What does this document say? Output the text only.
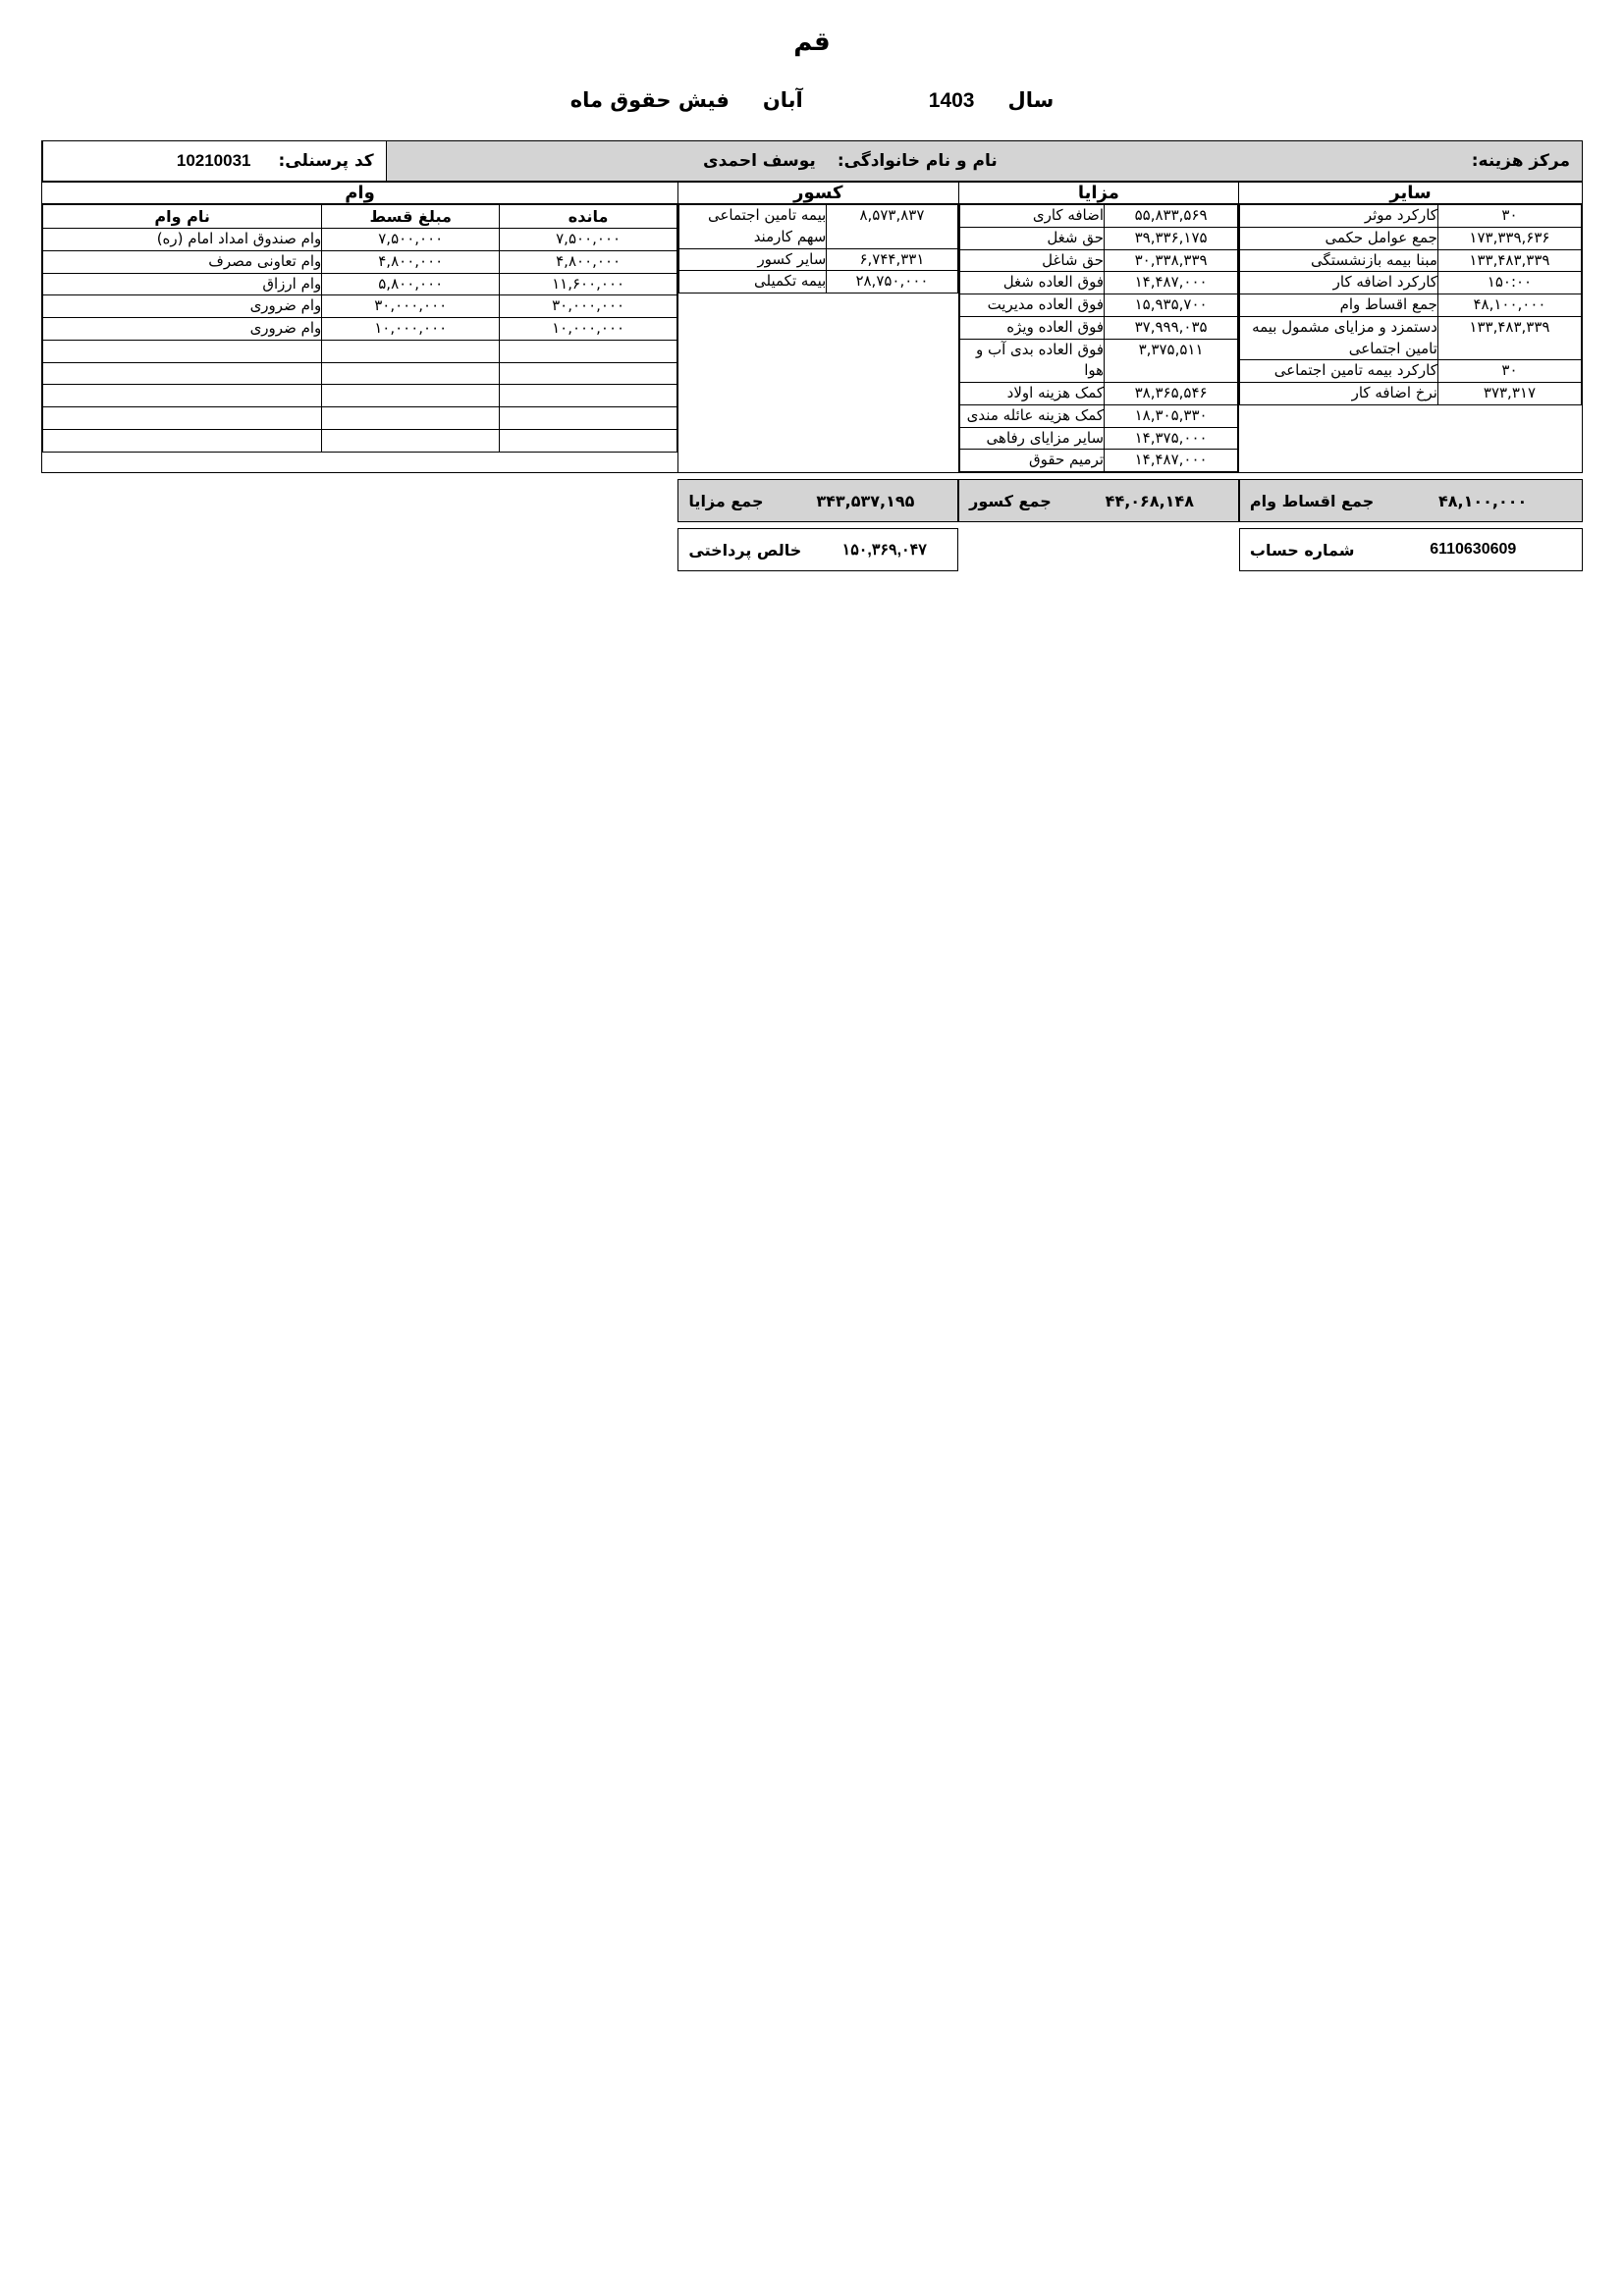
قم
سال
1403
آبان
فیش حقوق ماه
مرکز هزینه:
نام و نام خانوادگی:
یوسف احمدی
کد پرسنلی:
10210031
سایر	مزایا	کسور	وام

۳۰	کارکرد موثر
۱۷۳,۳۳۹,۶۳۶	جمع عوامل حکمی
۱۳۳,۴۸۳,۳۳۹	مبنا بیمه بازنشستگی
۱۵۰:۰۰	کارکرد اضافه کار
۴۸,۱۰۰,۰۰۰	جمع اقساط وام
۱۳۳,۴۸۳,۳۳۹	دستمزد و مزایای مشمول بیمه تامین اجتماعی
۳۰	کارکرد بیمه تامین اجتماعی
۳۷۳,۳۱۷	نرخ اضافه کار

۵۵,۸۳۳,۵۶۹	اضافه کاری
۳۹,۳۳۶,۱۷۵	حق شغل
۳۰,۳۳۸,۳۳۹	حق شاغل
۱۴,۴۸۷,۰۰۰	فوق العاده شغل
۱۵,۹۳۵,۷۰۰	فوق العاده مدیریت
۳۷,۹۹۹,۰۳۵	فوق العاده ویژه
۳,۳۷۵,۵۱۱	فوق العاده بدی آب و هوا
۳۸,۳۶۵,۵۴۶	کمک هزینه اولاد
۱۸,۳۰۵,۳۳۰	کمک هزینه عائله مندی
۱۴,۳۷۵,۰۰۰	سایر مزایای رفاهی
۱۴,۴۸۷,۰۰۰	ترمیم حقوق

۸,۵۷۳,۸۳۷	بیمه تامین اجتماعی سهم کارمند
۶,۷۴۴,۳۳۱	سایر کسور
۲۸,۷۵۰,۰۰۰	بیمه تکمیلی

مانده	مبلغ قسط	نام وام
۷,۵۰۰,۰۰۰	۷,۵۰۰,۰۰۰	وام صندوق امداد امام (ره)
۴,۸۰۰,۰۰۰	۴,۸۰۰,۰۰۰	وام تعاونی مصرف
۱۱,۶۰۰,۰۰۰	۵,۸۰۰,۰۰۰	وام ارزاق
۳۰,۰۰۰,۰۰۰	۳۰,۰۰۰,۰۰۰	وام ضروری
۱۰,۰۰۰,۰۰۰	۱۰,۰۰۰,۰۰۰	وام ضروری

۴۸,۱۰۰,۰۰۰
جمع اقساط وام
۴۴,۰۶۸,۱۴۸
جمع کسور
۳۴۳,۵۳۷,۱۹۵
جمع مزایا
6110630609
شماره حساب
۱۵۰,۳۶۹,۰۴۷
خالص پرداختی
